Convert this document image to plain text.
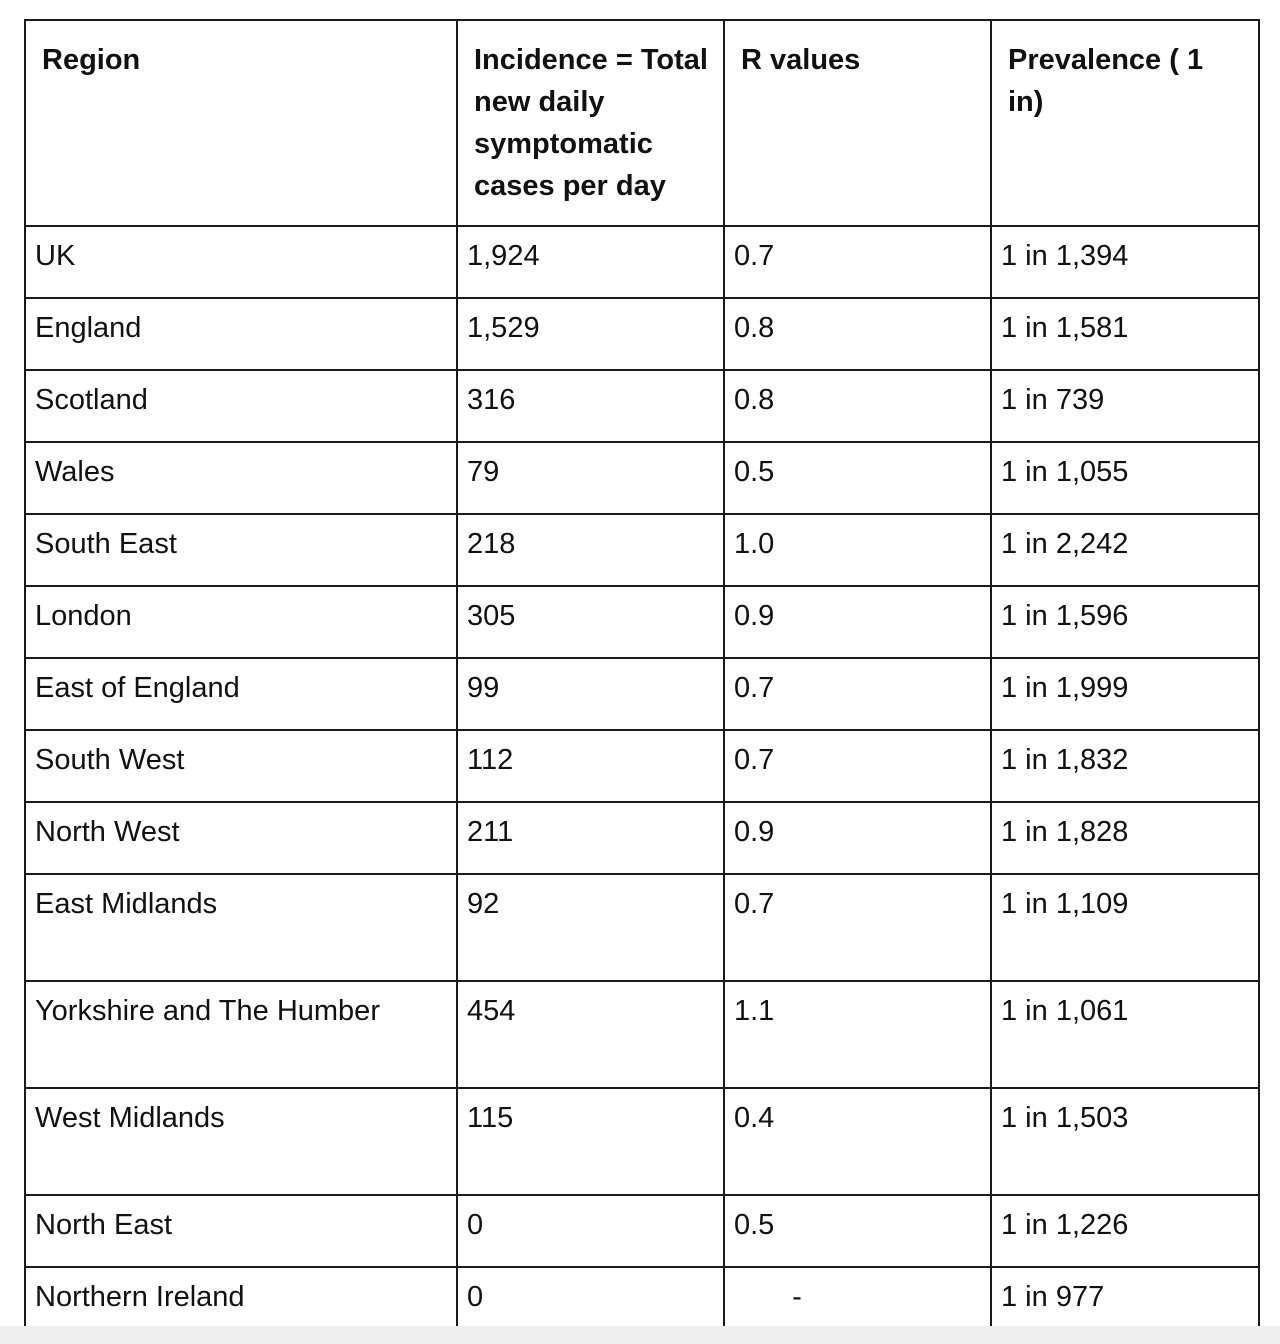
Region	Incidence = Total new daily symptomatic cases per day	R values	Prevalence ( 1 in)
UK	1,924	0.7	1 in 1,394
England	1,529	0.8	1 in 1,581
Scotland	316	0.8	1 in 739
Wales	79	0.5	1 in 1,055
South East	218	1.0	1 in 2,242
London	305	0.9	1 in 1,596
East of England	99	0.7	1 in 1,999
South West	112	0.7	1 in 1,832
North West	211	0.9	1 in 1,828
East Midlands	92	0.7	1 in 1,109
Yorkshire and The Humber	454	1.1	1 in 1,061
West Midlands	115	0.4	1 in 1,503
North East	0	0.5	1 in 1,226
Northern Ireland	0	-	1 in 977
